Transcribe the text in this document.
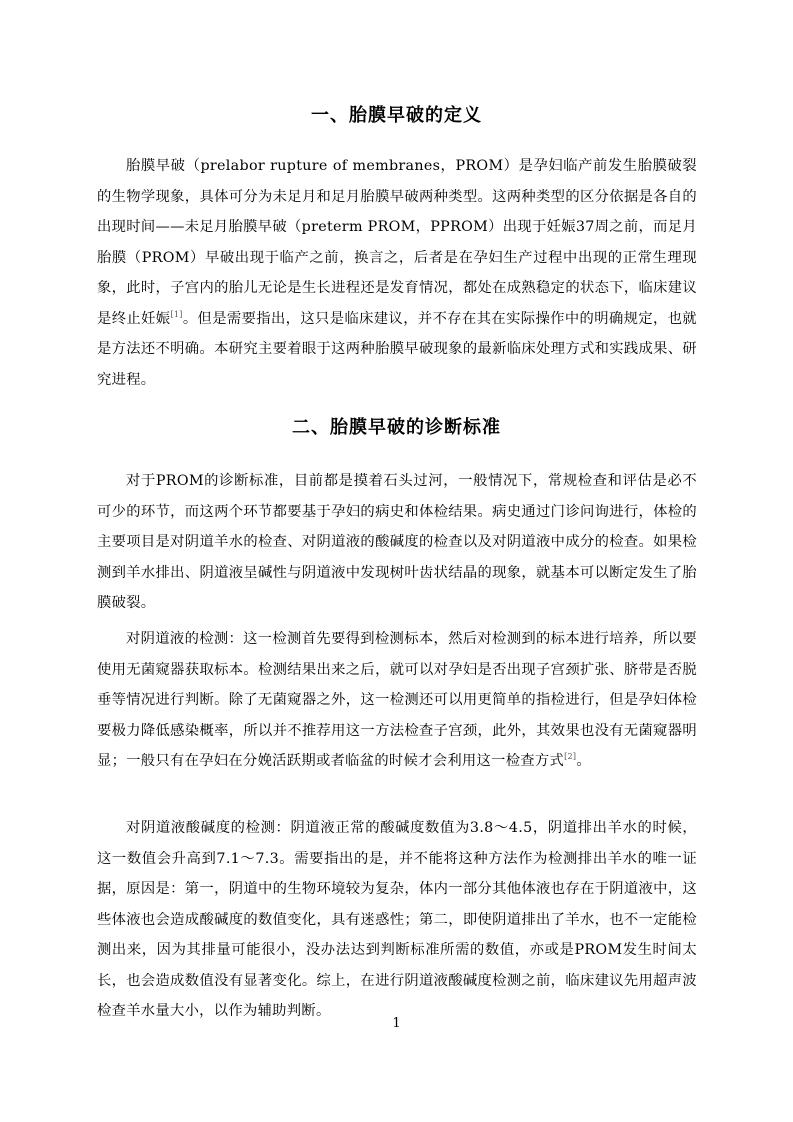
一、胎膜早破的定义
胎膜早破（prelabor rupture of membranes，PROM）是孕妇临产前发生胎膜破裂的生物学现象，具体可分为未足月和足月胎膜早破两种类型。这两种类型的区分依据是各自的出现时间——未足月胎膜早破（preterm PROM，PPROM）出现于妊娠37周之前，而足月胎膜（PROM）早破出现于临产之前，换言之，后者是在孕妇生产过程中出现的正常生理现象，此时，子宫内的胎儿无论是生长进程还是发育情况，都处在成熟稳定的状态下，临床建议是终止妊娠[1]。但是需要指出，这只是临床建议，并不存在其在实际操作中的明确规定，也就是方法还不明确。本研究主要着眼于这两种胎膜早破现象的最新临床处理方式和实践成果、研究进程。
二、胎膜早破的诊断标准
对于PROM的诊断标准，目前都是摸着石头过河，一般情况下，常规检查和评估是必不可少的环节，而这两个环节都要基于孕妇的病史和体检结果。病史通过门诊问询进行，体检的主要项目是对阴道羊水的检查、对阴道液的酸碱度的检查以及对阴道液中成分的检查。如果检测到羊水排出、阴道液呈碱性与阴道液中发现树叶齿状结晶的现象，就基本可以断定发生了胎膜破裂。
对阴道液的检测：这一检测首先要得到检测标本，然后对检测到的标本进行培养，所以要使用无菌窥器获取标本。检测结果出来之后，就可以对孕妇是否出现子宫颈扩张、脐带是否脱垂等情况进行判断。除了无菌窥器之外，这一检测还可以用更简单的指检进行，但是孕妇体检要极力降低感染概率，所以并不推荐用这一方法检查子宫颈，此外，其效果也没有无菌窥器明显；一般只有在孕妇在分娩活跃期或者临盆的时候才会利用这一检查方式[2]。
对阴道液酸碱度的检测：阴道液正常的酸碱度数值为3.8～4.5，阴道排出羊水的时候，这一数值会升高到7.1～7.3。需要指出的是，并不能将这种方法作为检测排出羊水的唯一证据，原因是：第一，阴道中的生物环境较为复杂，体内一部分其他体液也存在于阴道液中，这些体液也会造成酸碱度的数值变化，具有迷惑性；第二，即使阴道排出了羊水，也不一定能检测出来，因为其排量可能很小，没办法达到判断标准所需的数值，亦或是PROM发生时间太长，也会造成数值没有显著变化。综上，在进行阴道液酸碱度检测之前，临床建议先用超声波检查羊水量大小，以作为辅助判断。
1
